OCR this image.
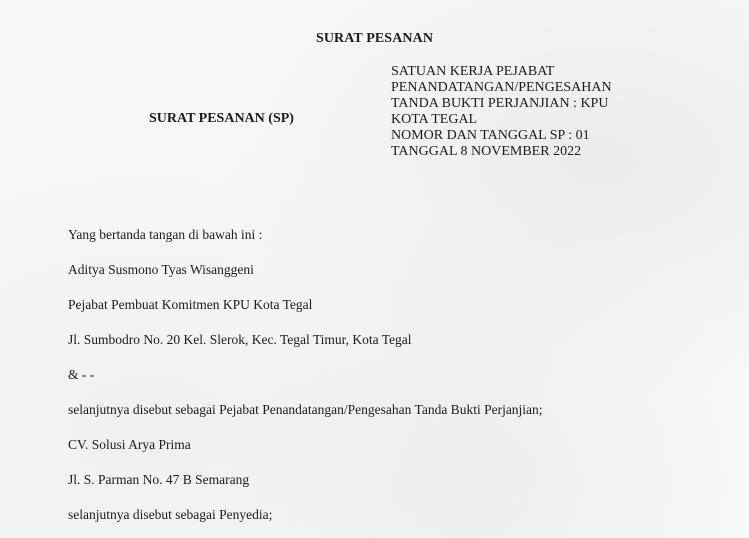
SURAT PESANAN
SURAT PESANAN (SP)
SATUAN KERJA PEJABAT
PENANDATANGAN/PENGESAHAN
TANDA BUKTI PERJANJIAN : KPU
KOTA TEGAL
NOMOR DAN TANGGAL SP : 01
TANGGAL 8 NOVEMBER 2022

Yang bertanda tangan di bawah ini :

Aditya Susmono Tyas Wisanggeni

Pejabat Pembuat Komitmen KPU Kota Tegal

Jl. Sumbodro No. 20 Kel. Slerok, Kec. Tegal Timur, Kota Tegal

& - -

selanjutnya disebut sebagai Pejabat Penandatangan/Pengesahan Tanda Bukti Perjanjian;

CV. Solusi Arya Prima

Jl. S. Parman No. 47 B Semarang

selanjutnya disebut sebagai Penyedia;
